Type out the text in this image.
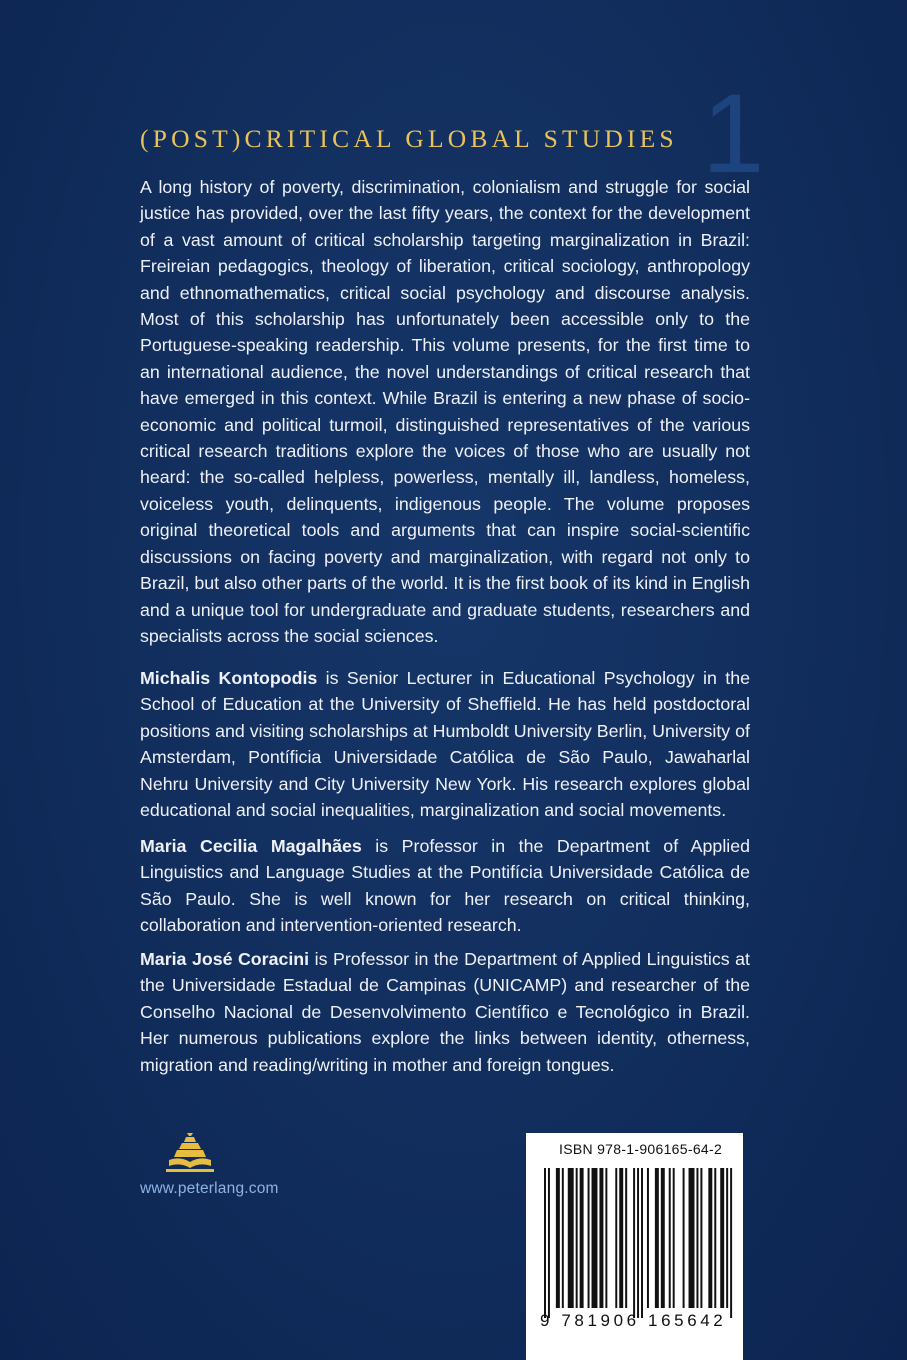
1
(POST)CRITICAL GLOBAL STUDIES
A long history of poverty, discrimination, colonialism and struggle for social justice has provided, over the last fifty years, the context for the development of a vast amount of critical scholarship targeting marginalization in Brazil: Freireian pedagogics, theology of liberation, critical sociology, anthropology and ethnomathematics, critical social psychology and discourse analysis. Most of this scholarship has unfortunately been accessible only to the Portuguese-speaking readership. This volume presents, for the first time to an international audience, the novel understandings of critical research that have emerged in this context. While Brazil is entering a new phase of socio-economic and political turmoil, distinguished representatives of the various critical research traditions explore the voices of those who are usually not heard: the so-called helpless, powerless, mentally ill, landless, homeless, voiceless youth, delinquents, indigenous people. The volume proposes original theoretical tools and arguments that can inspire social-scientific discussions on facing poverty and marginalization, with regard not only to Brazil, but also other parts of the world. It is the first book of its kind in English and a unique tool for undergraduate and graduate students, researchers and specialists across the social sciences.
Michalis Kontopodis is Senior Lecturer in Educational Psychology in the School of Education at the University of Sheffield. He has held postdoctoral positions and visiting scholarships at Humboldt University Berlin, University of Amsterdam, Pontíficia Universidade Católica de São Paulo, Jawaharlal Nehru University and City University New York. His research explores global educational and social inequalities, marginalization and social movements.
Maria Cecilia Magalhães is Professor in the Department of Applied Linguistics and Language Studies at the Pontifícia Universidade Católica de São Paulo. She is well known for her research on critical thinking, collaboration and intervention-oriented research.
Maria José Coracini is Professor in the Department of Applied Linguistics at the Universidade Estadual de Campinas (UNICAMP) and researcher of the Conselho Nacional de Desenvolvimento Científico e Tecnológico in Brazil. Her numerous publications explore the links between identity, otherness, migration and reading/writing in mother and foreign tongues.
www.peterlang.com
ISBN 978-1-906165-64-2
9 781906 165642
